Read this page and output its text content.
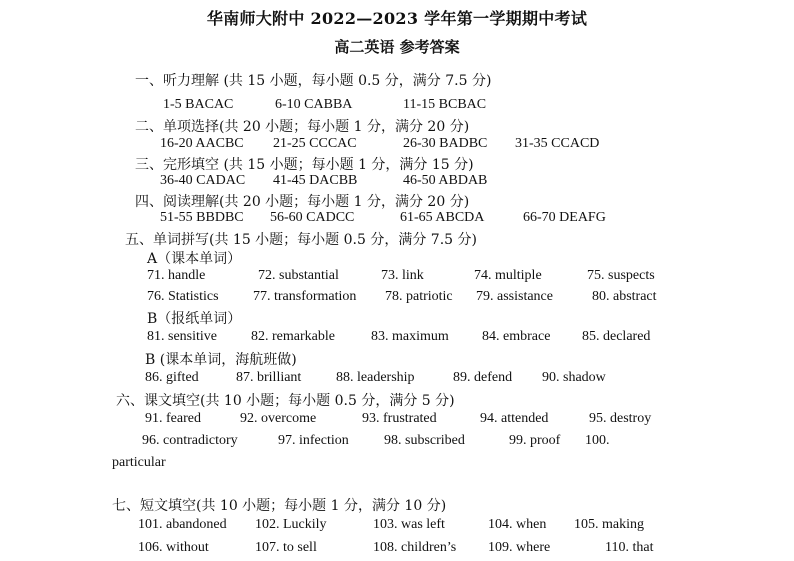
华南师大附中 2022—2023 学年第一学期期中考试
高二英语 参考答案
一、听力理解 (共 15 小题，每小题 0.5 分，满分 7.5 分)
1-5 BACAC	6-10 CABBA	11-15 BCBAC
二、单项选择(共 20 小题；每小题 1 分，满分 20 分)
16-20 AACBC 21-25 CCCAC	26-30 BADBC 31-35 CCACD
三、完形填空 (共 15 小题；每小题 1 分，满分 15 分)
36-40 CADAC 41-45 DACBB	46-50 ABDAB
四、阅读理解(共 20 小题；每小题 1 分，满分 20 分)
51-55 BBDBC 56-60 CADCC	61-65 ABCDA	66-70 DEAFG
五、单词拼写(共 15 小题；每小题 0.5 分，满分 7.5 分)
A（课本单词）
71. handle	72. substantial	73. link	74. multiple	75. suspects
76. Statistics 77. transformation 78. patriotic 79. assistance	80. abstract
B（报纸单词）
81. sensitive 82. remarkable	83. maximum 84. embrace 85. declared
B (课本单词，海航班做)
86. gifted	87. brilliant 88. leadership	89. defend 90. shadow
六、课文填空(共 10 小题；每小题 0.5 分，满分 5 分)
91. feared	92. overcome	93. frustrated	94. attended	95. destroy
96. contradictory	97. infection	98. subscribed	99. proof 100.
particular
七、短文填空(共 10 小题；每小题 1 分，满分 10 分)
101. abandoned 102. Luckily	103. was left	104. when 105. making
106. without	107. to sell	108. children’s 109. where	110. that
